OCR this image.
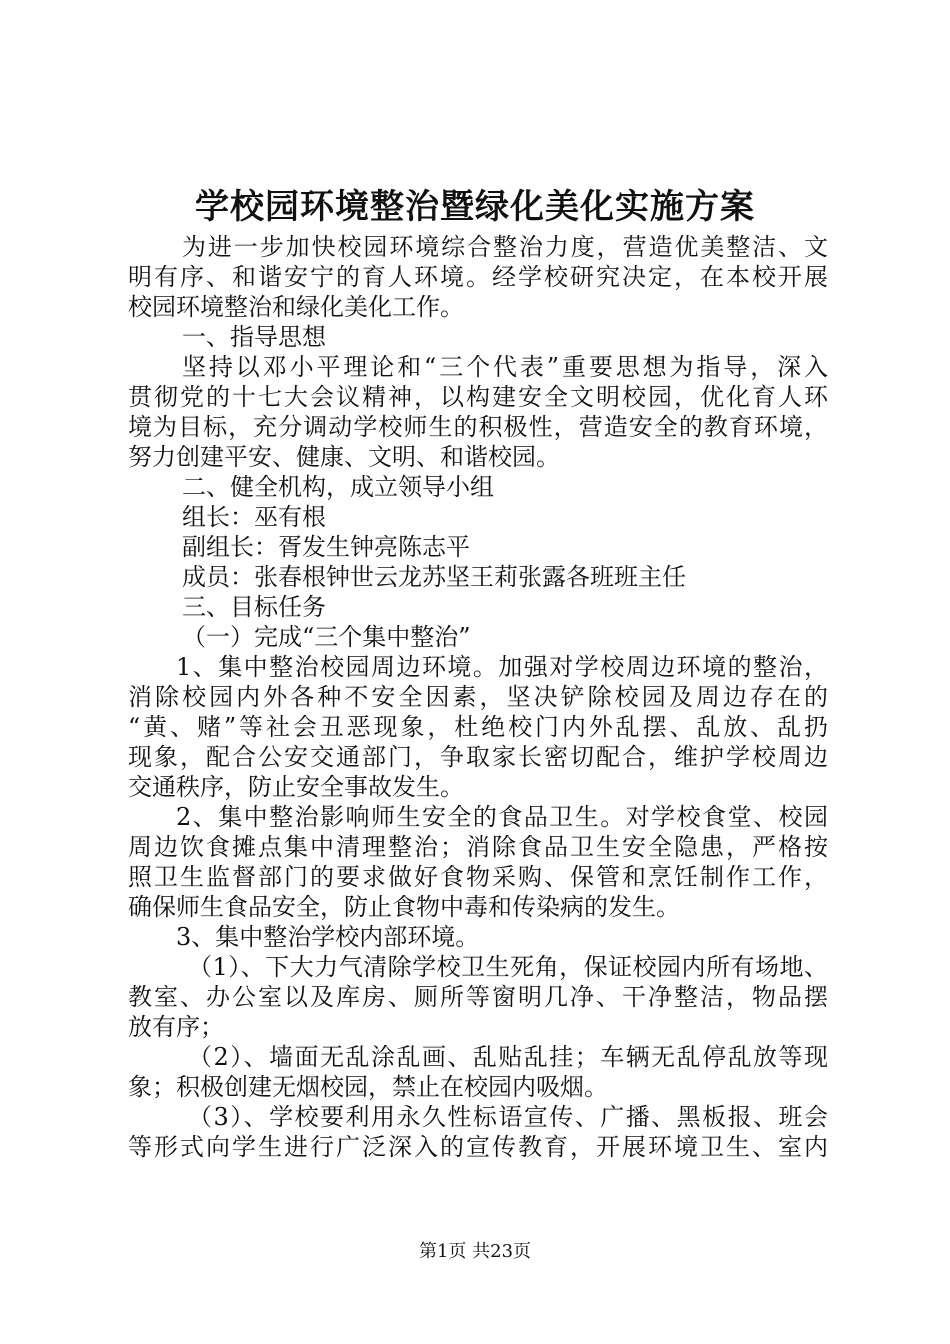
学校园环境整治暨绿化美化实施方案
为进一步加快校园环境综合整治力度，营造优美整洁、文
明有序、和谐安宁的育人环境。经学校研究决定，在本校开展
校园环境整治和绿化美化工作。
一、指导思想
坚持以邓小平理论和“三个代表”重要思想为指导，深入
贯彻党的十七大会议精神，以构建安全文明校园，优化育人环
境为目标，充分调动学校师生的积极性，营造安全的教育环境，
努力创建平安、健康、文明、和谐校园。
二、健全机构，成立领导小组
组长：巫有根
副组长：胥发生钟亮陈志平
成员：张春根钟世云龙苏坚王莉张露各班班主任
三、目标任务
（一）完成“三个集中整治”
1、集中整治校园周边环境。加强对学校周边环境的整治，
消除校园内外各种不安全因素，坚决铲除校园及周边存在的
“黄、赌”等社会丑恶现象，杜绝校门内外乱摆、乱放、乱扔
现象，配合公安交通部门，争取家长密切配合，维护学校周边
交通秩序，防止安全事故发生。
2、集中整治影响师生安全的食品卫生。对学校食堂、校园
周边饮食摊点集中清理整治；消除食品卫生安全隐患，严格按
照卫生监督部门的要求做好食物采购、保管和烹饪制作工作，
确保师生食品安全，防止食物中毒和传染病的发生。
3、集中整治学校内部环境。
（1）、下大力气清除学校卫生死角，保证校园内所有场地、
教室、办公室以及库房、厕所等窗明几净、干净整洁，物品摆
放有序；
（2）、墙面无乱涂乱画、乱贴乱挂；车辆无乱停乱放等现
象；积极创建无烟校园，禁止在校园内吸烟。
（3）、学校要利用永久性标语宣传、广播、黑板报、班会
等形式向学生进行广泛深入的宣传教育，开展环境卫生、室内
第1页 共23页
